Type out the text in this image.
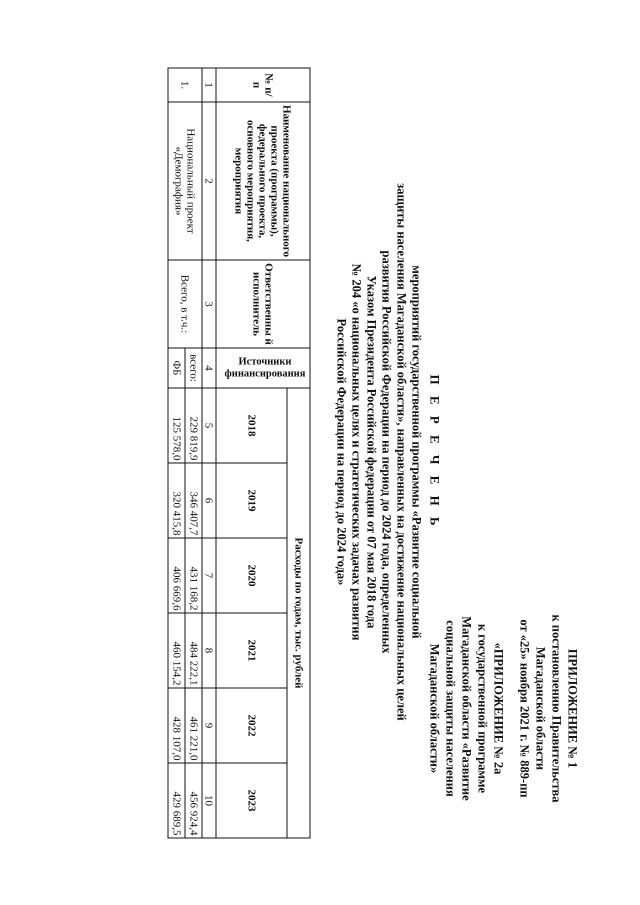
ПРИЛОЖЕНИЕ № 1
к постановлению Правительства
Магаданской области
от «25» ноября 2021 г. № 889-пп
«ПРИЛОЖЕНИЕ № 2а
к государственной программе
Магаданской области «Развитие
социальной защиты населения
Магаданской области»
П Е Р Е Ч Е Н Ь
мероприятий государственной программы «Развитие социальной
защиты населения Магаданской области», направленных на достижение национальных целей
развития Российской Федерации на период до 2024 года, определенных
Указом Президента Российской федерации от 07 мая 2018 года
№ 204 «о национальных целях и стратегических задачах развития
Российской Федерации на период до 2024 года»
№ п/п	Наименование национального проекта (программы), федерального проекта, основного мероприятия, мероприятия	Ответственны й исполнитель	Источники финансирования	Расходы по годам, тыс. рублей					
				2018	2019	2020	2021	2022	2023
1	2	3	4	5	6	7	8	9	10
1.	Национальный проект «Демография»	Всего, в т.ч.:	всего:	229 819,9	346 407,7	431 168,2	484 222,1	461 221,0	456 924,4
			ФБ	125 578,0	320 415,8	406 669,6	460 154,2	428 107,0	429 689,5
